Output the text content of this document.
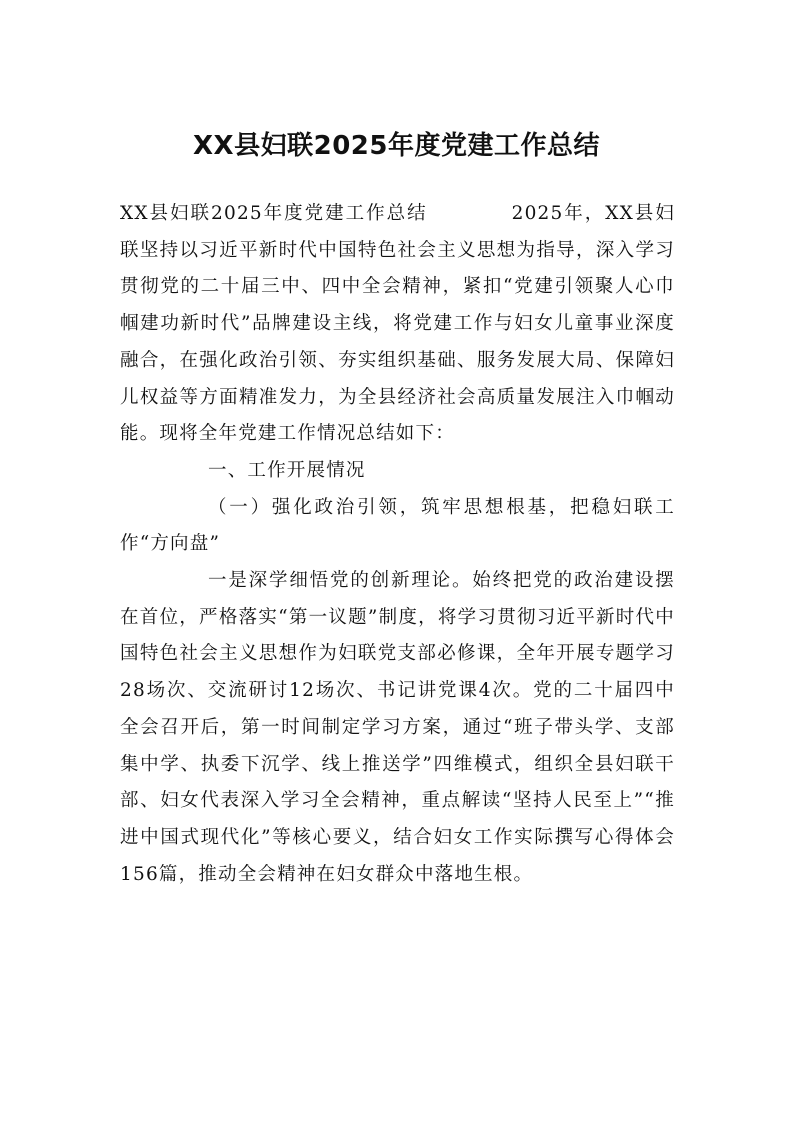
XX县妇联2025年度党建工作总结

XX县妇联2025年度党建工作总结	2025年，XX县妇联坚持以习近平新时代中国特色社会主义思想为指导，深入学习贯彻党的二十届三中、四中全会精神，紧扣“党建引领聚人心巾帼建功新时代”品牌建设主线，将党建工作与妇女儿童事业深度融合，在强化政治引领、夯实组织基础、服务发展大局、保障妇儿权益等方面精准发力，为全县经济社会高质量发展注入巾帼动能。现将全年党建工作情况总结如下：

一、工作开展情况

（一）强化政治引领，筑牢思想根基，把稳妇联工作“方向盘”

一是深学细悟党的创新理论。始终把党的政治建设摆在首位，严格落实“第一议题”制度，将学习贯彻习近平新时代中国特色社会主义思想作为妇联党支部必修课，全年开展专题学习28场次、交流研讨12场次、书记讲党课4次。党的二十届四中全会召开后，第一时间制定学习方案，通过“班子带头学、支部集中学、执委下沉学、线上推送学”四维模式，组织全县妇联干部、妇女代表深入学习全会精神，重点解读“坚持人民至上”“推进中国式现代化”等核心要义，结合妇女工作实际撰写心得体会156篇，推动全会精神在妇女群众中落地生根。
